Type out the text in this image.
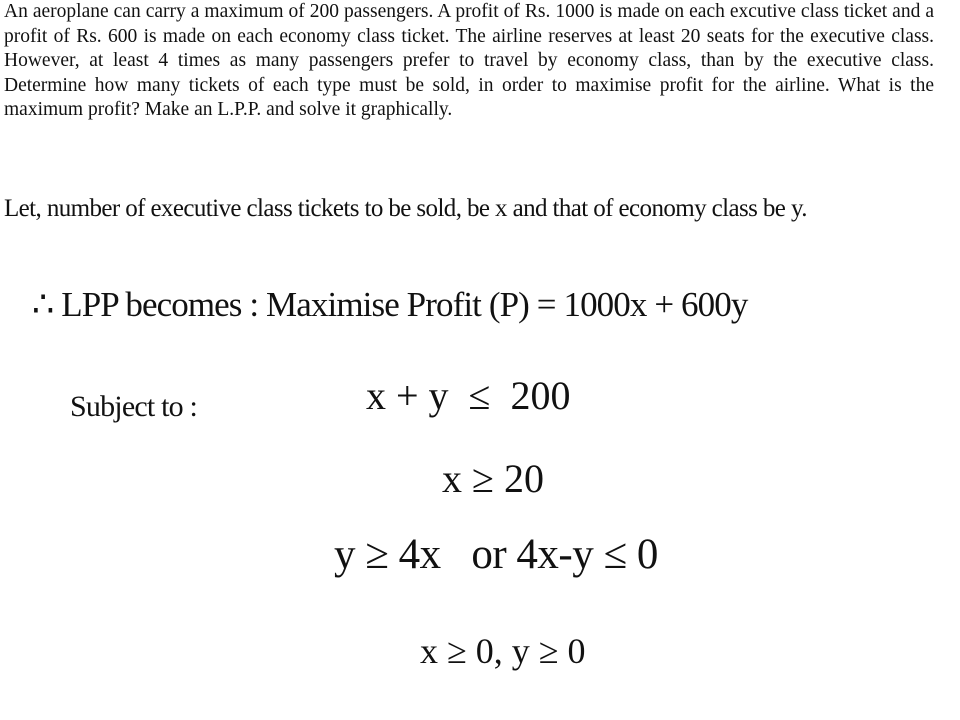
An aeroplane can carry a maximum of 200 passengers. A profit of Rs. 1000 is made on each excutive class ticket and a profit of Rs. 600 is made on each economy class ticket. The airline reserves at least 20 seats for the executive class. However, at least 4 times as many passengers prefer to travel by economy class, than by the executive class. Determine how many tickets of each type must be sold, in order to maximise profit for the airline. What is the maximum profit? Make an L.P.P. and solve it graphically.

Let, number of executive class tickets to be sold, be x and that of economy class be y.

∴ LPP becomes : Maximise Profit (P) = 1000x + 600y

Subject to :	x + y  ≤  200

x ≥ 20

y ≥ 4x   or 4x-y ≤ 0

x ≥ 0, y ≥ 0
